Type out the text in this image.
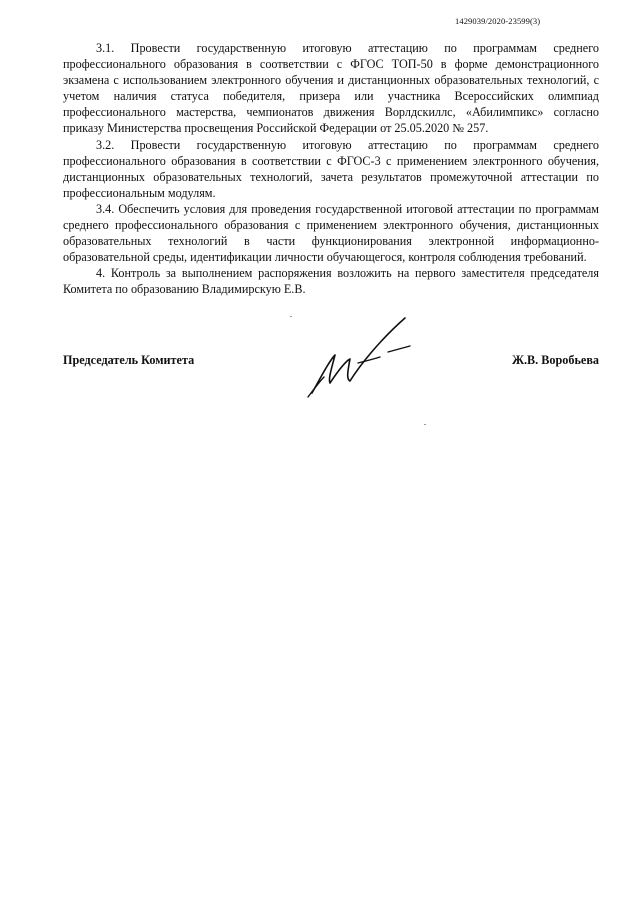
1429039/2020-23599(3)

3.1. Провести государственную итоговую аттестацию по программам среднего профессионального образования в соответствии с ФГОС ТОП-50 в форме демонстрационного экзамена с использованием электронного обучения и дистанционных образовательных технологий, с учетом наличия статуса победителя, призера или участника Всероссийских олимпиад профессионального мастерства, чемпионатов движения Ворлдскиллс, «Абилимпикс» согласно приказу Министерства просвещения Российской Федерации от 25.05.2020 № 257.

3.2. Провести государственную итоговую аттестацию по программам среднего профессионального образования в соответствии с ФГОС-3 с применением электронного обучения, дистанционных образовательных технологий, зачета результатов промежуточной аттестации по профессиональным модулям.

3.4. Обеспечить условия для проведения государственной итоговой аттестации по программам среднего профессионального образования с применением электронного обучения, дистанционных образовательных технологий в части функционирования электронной информационно-образовательной среды, идентификации личности обучающегося, контроля соблюдения требований.

4. Контроль за выполнением распоряжения возложить на первого заместителя председателя Комитета по образованию Владимирскую Е.В.

Председатель Комитета	Ж.В. Воробьева
